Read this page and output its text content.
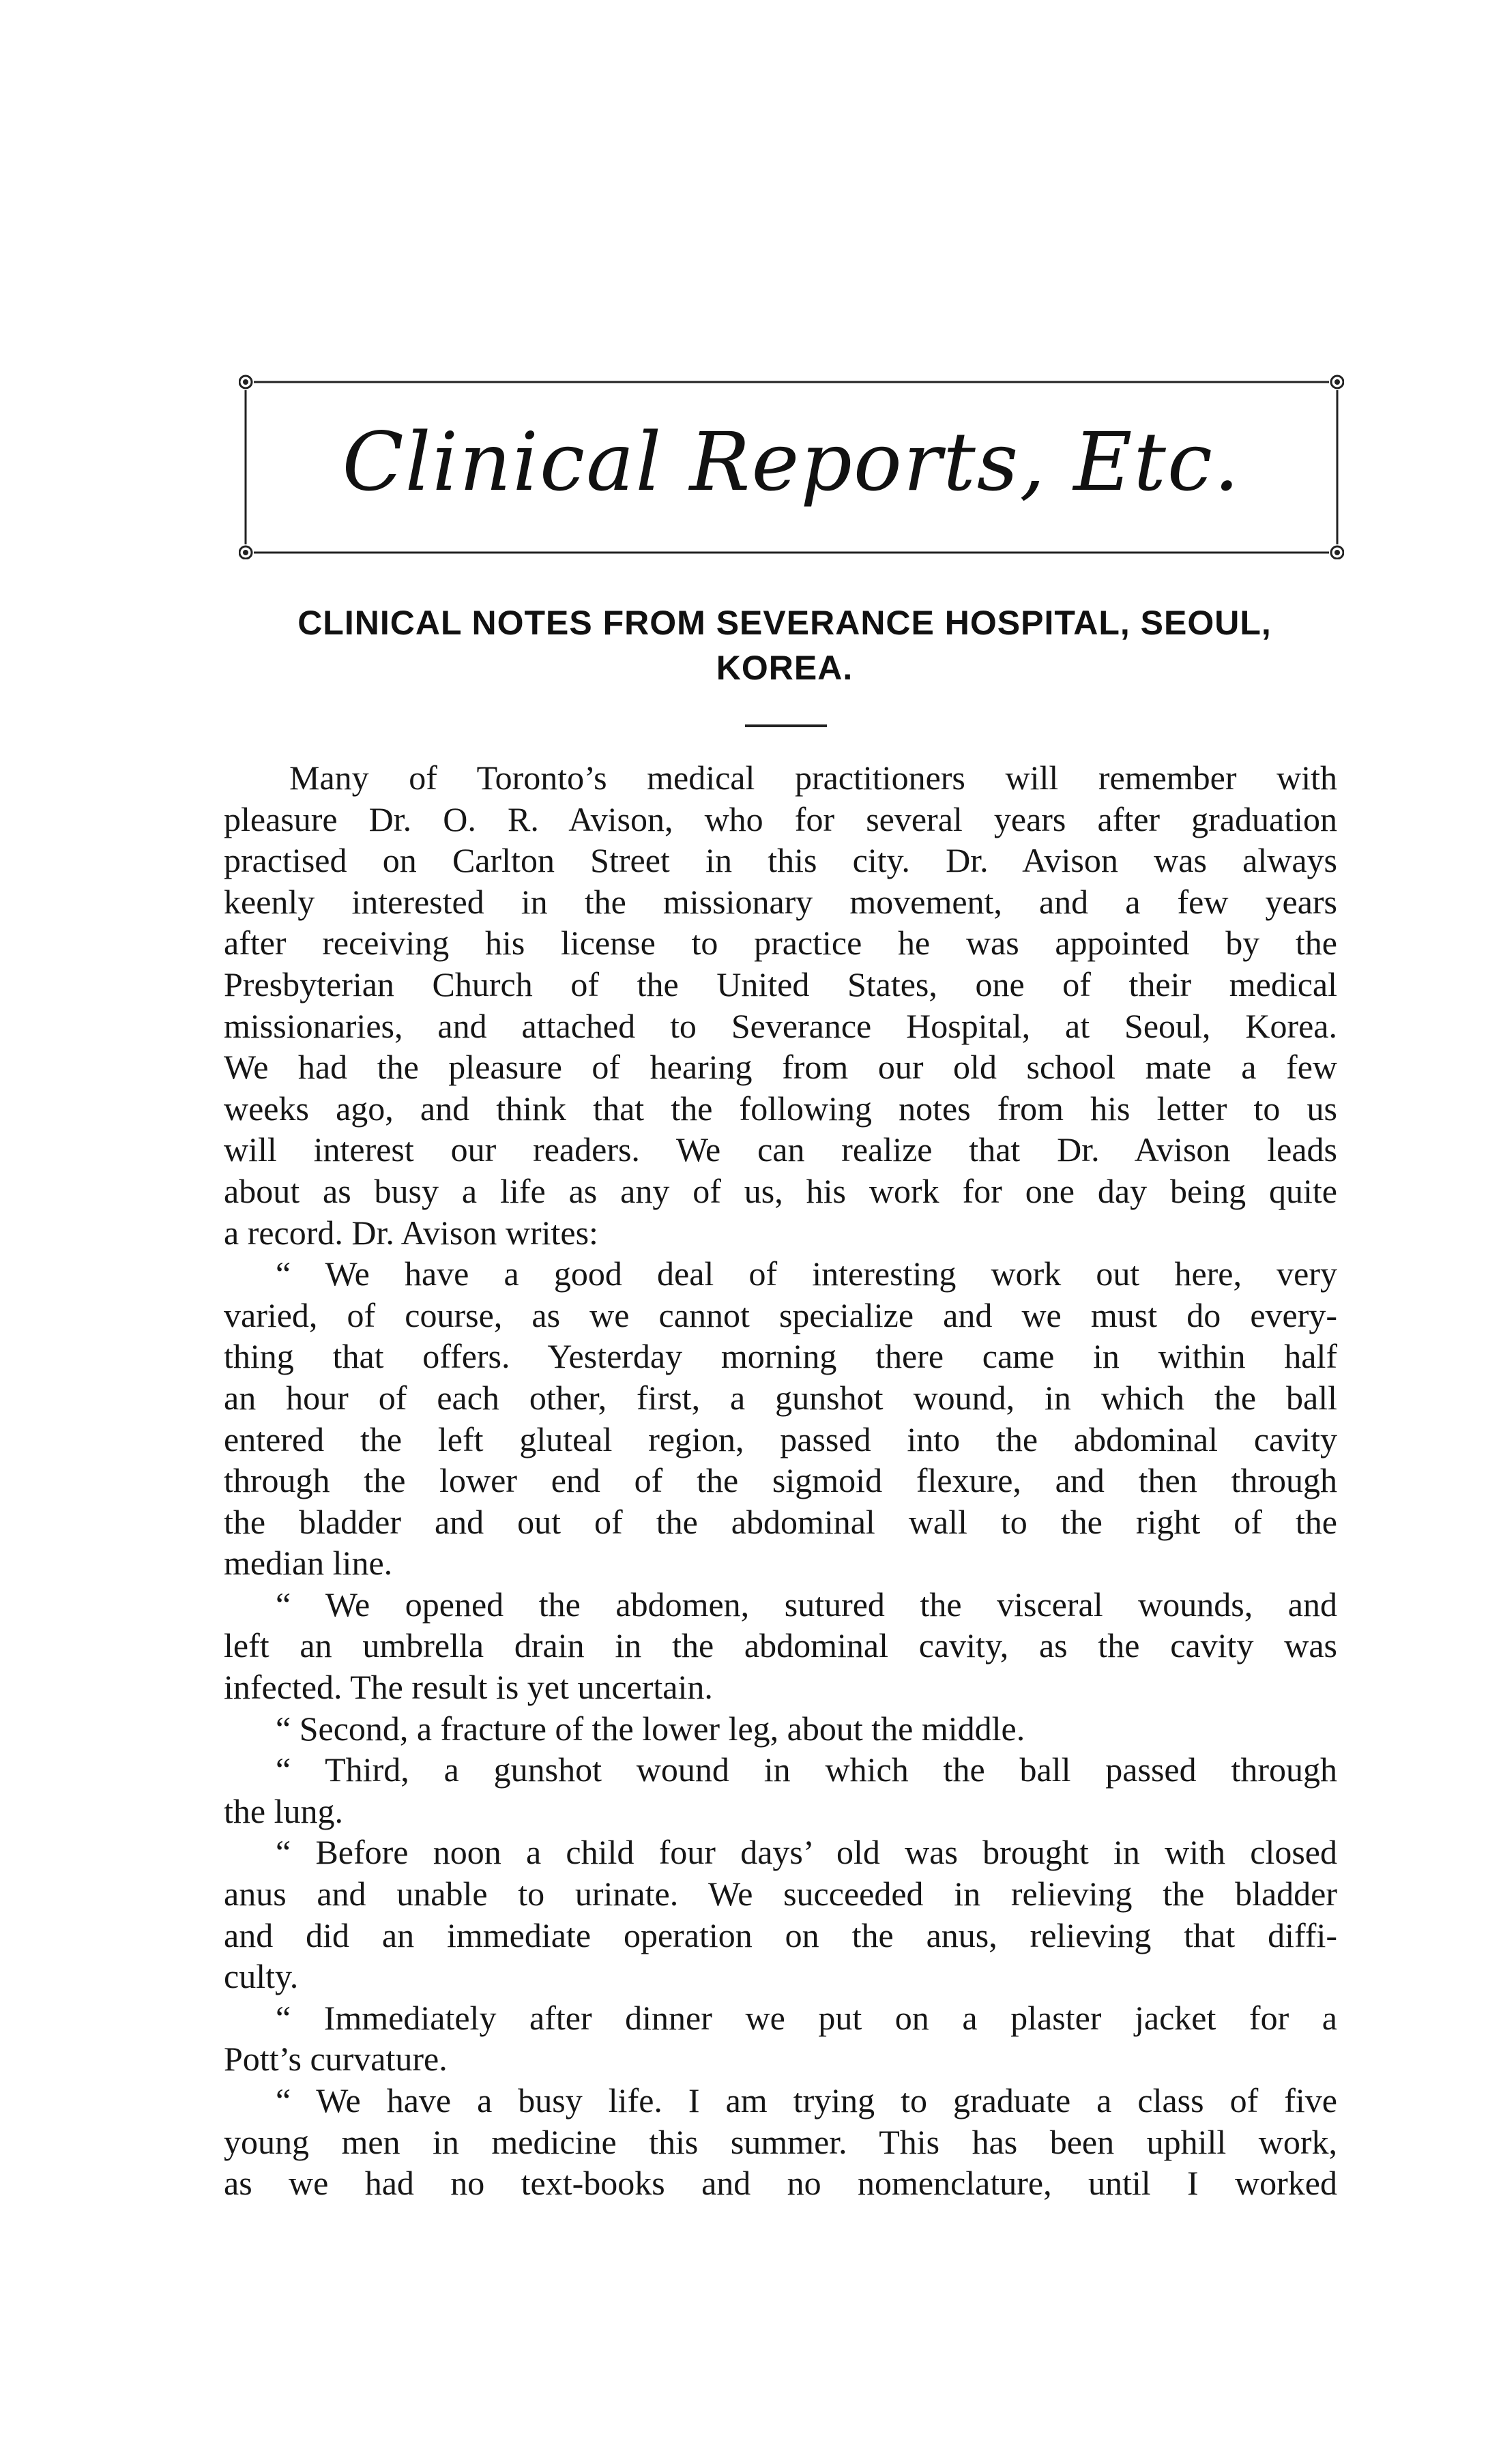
Clinical Reports, Etc.
CLINICAL NOTES FROM SEVERANCE HOSPITAL, SEOUL,
KOREA.
Many of Toronto’s medical practitioners will remember with
pleasure Dr. O. R. Avison, who for several years after graduation
practised on Carlton Street in this city. Dr. Avison was always
keenly interested in the missionary movement, and a few years
after receiving his license to practice he was appointed by the
Presbyterian Church of the United States, one of their medical
missionaries, and attached to Severance Hospital, at Seoul, Korea.
We had the pleasure of hearing from our old school mate a few
weeks ago, and think that the following notes from his letter to us
will interest our readers. We can realize that Dr. Avison leads
about as busy a life as any of us, his work for one day being quite
a record. Dr. Avison writes:
“ We have a good deal of interesting work out here, very
varied, of course, as we cannot specialize and we must do every-
thing that offers. Yesterday morning there came in within half
an hour of each other, first, a gunshot wound, in which the ball
entered the left gluteal region, passed into the abdominal cavity
through the lower end of the sigmoid flexure, and then through
the bladder and out of the abdominal wall to the right of the
median line.
“ We opened the abdomen, sutured the visceral wounds, and
left an umbrella drain in the abdominal cavity, as the cavity was
infected. The result is yet uncertain.
“ Second, a fracture of the lower leg, about the middle.
“ Third, a gunshot wound in which the ball passed through
the lung.
“ Before noon a child four days’ old was brought in with closed
anus and unable to urinate. We succeeded in relieving the bladder
and did an immediate operation on the anus, relieving that diffi-
culty.
“ Immediately after dinner we put on a plaster jacket for a
Pott’s curvature.
“ We have a busy life. I am trying to graduate a class of five
young men in medicine this summer. This has been uphill work,
as we had no text-books and no nomenclature, until I worked
